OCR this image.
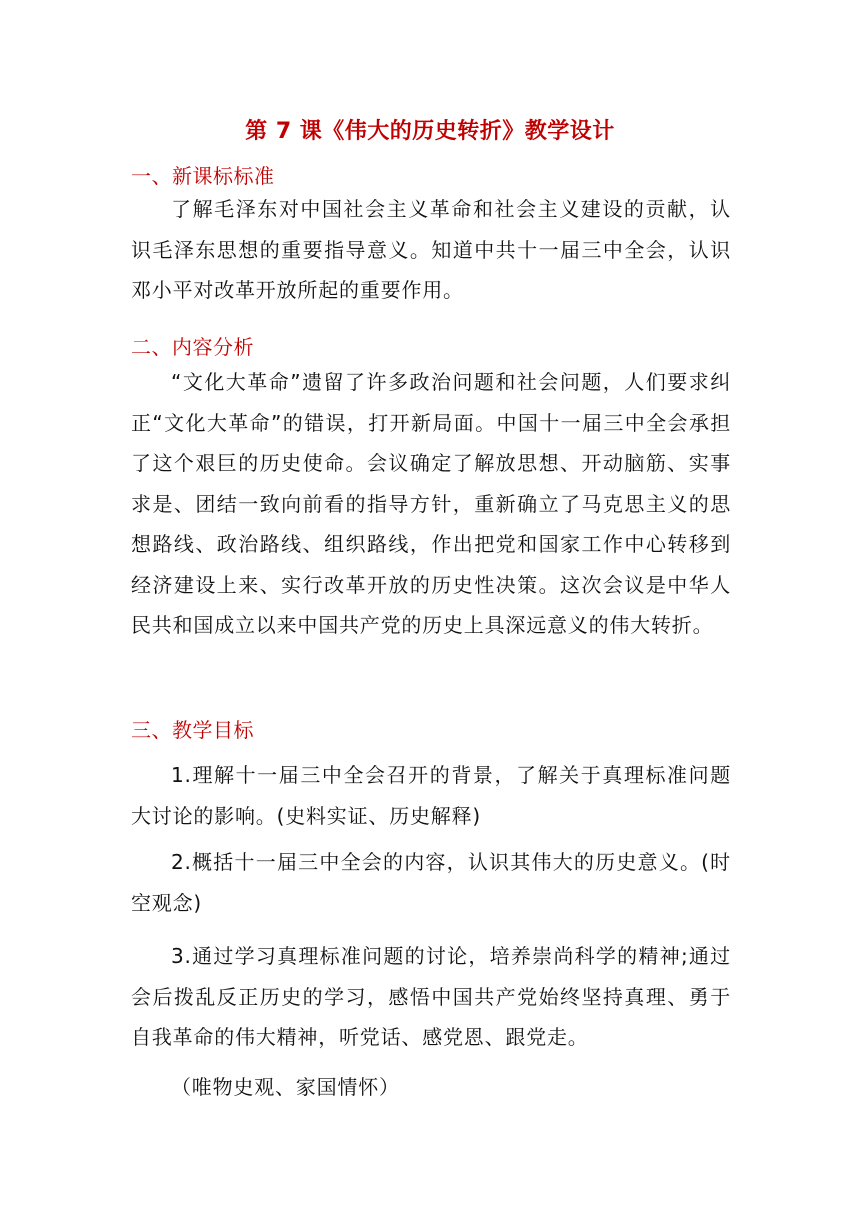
第 7 课《伟大的历史转折》教学设计
一、新课标标准

了解毛泽东对中国社会主义革命和社会主义建设的贡献，认识毛泽东思想的重要指导意义。知道中共十一届三中全会，认识邓小平对改革开放所起的重要作用。

二、内容分析

“文化大革命”遗留了许多政治问题和社会问题，人们要求纠正“文化大革命”的错误，打开新局面。中国十一届三中全会承担了这个艰巨的历史使命。会议确定了解放思想、开动脑筋、实事求是、团结一致向前看的指导方针，重新确立了马克思主义的思想路线、政治路线、组织路线，作出把党和国家工作中心转移到经济建设上来、实行改革开放的历史性决策。这次会议是中华人民共和国成立以来中国共产党的历史上具深远意义的伟大转折。

三、教学目标

1.理解十一届三中全会召开的背景，了解关于真理标准问题大讨论的影响。(史料实证、历史解释)

2.概括十一届三中全会的内容，认识其伟大的历史意义。(时空观念)

3.通过学习真理标准问题的讨论，培养崇尚科学的精神;通过会后拨乱反正历史的学习，感悟中国共产党始终坚持真理、勇于自我革命的伟大精神，听党话、感党恩、跟党走。

（唯物史观、家国情怀）
